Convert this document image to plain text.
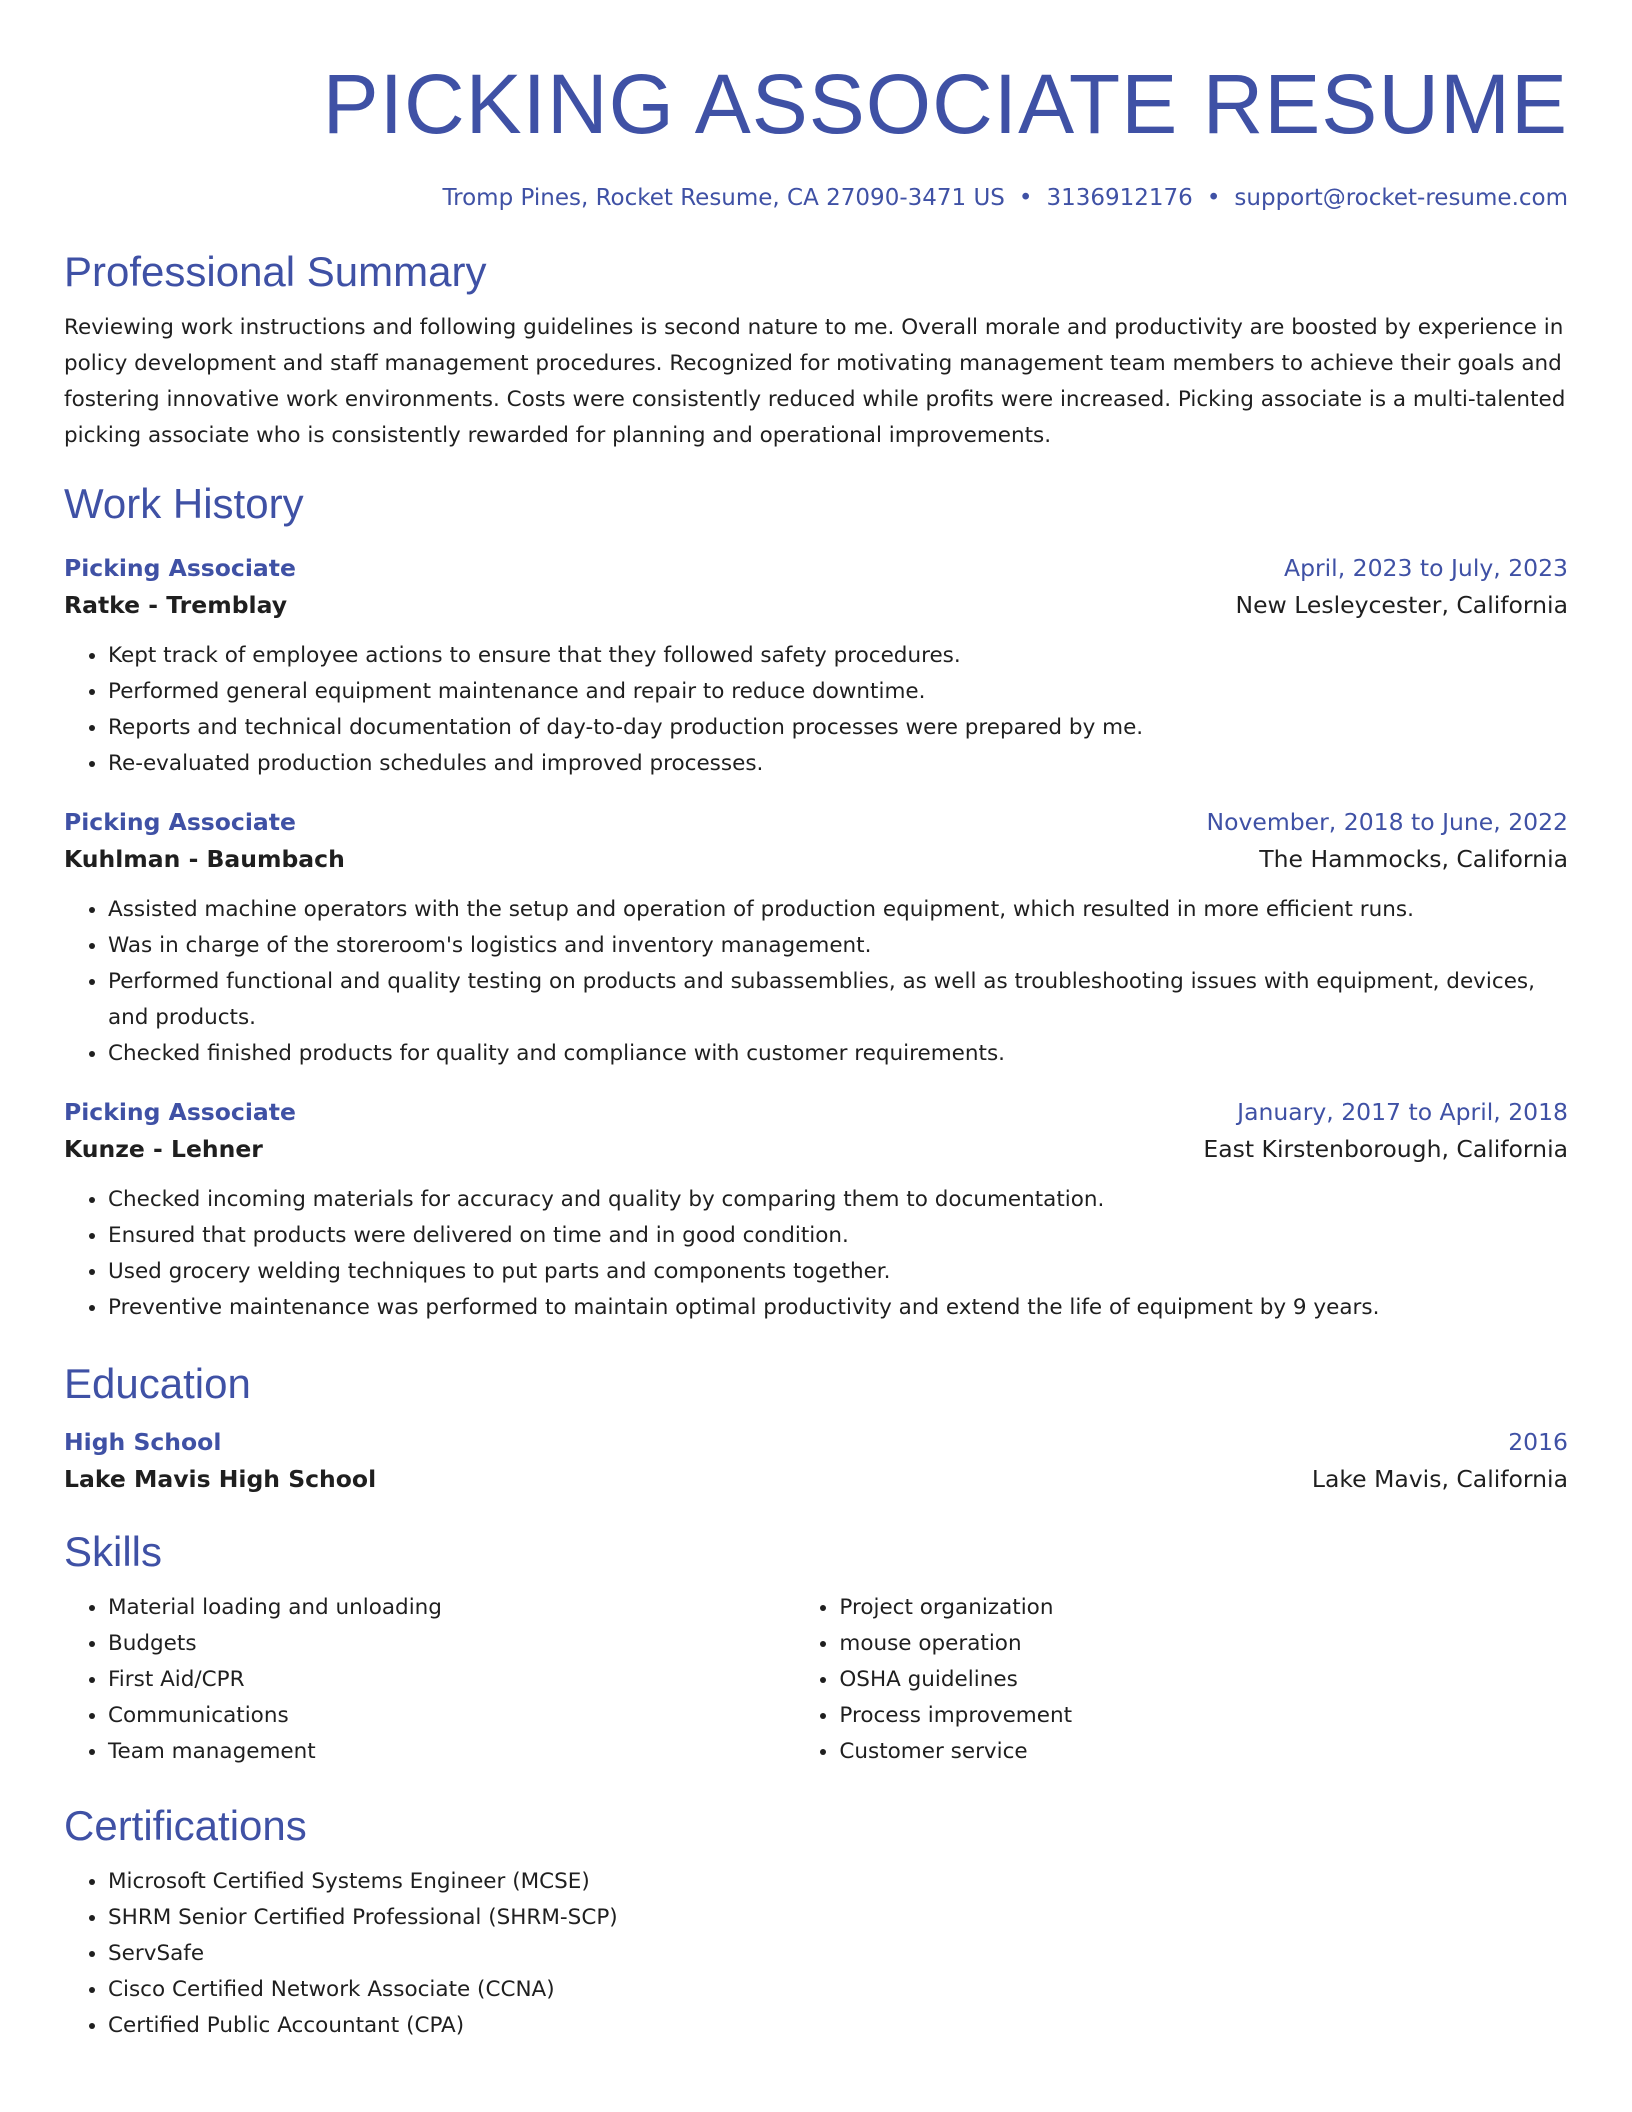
PICKING ASSOCIATE RESUME
Tromp Pines, Rocket Resume, CA 27090-3471 US • 3136912176 • support@rocket-resume.com
Professional Summary

Reviewing work instructions and following guidelines is second nature to me. Overall morale and productivity are boosted by experience in policy development and staff management procedures. Recognized for motivating management team members to achieve their goals and fostering innovative work environments. Costs were consistently reduced while profits were increased. Picking associate is a multi-talented picking associate who is consistently rewarded for planning and operational improvements.

Work History
Picking Associate	April, 2023 to July, 2023
Ratke - Tremblay	New Lesleycester, California
• Kept track of employee actions to ensure that they followed safety procedures.
• Performed general equipment maintenance and repair to reduce downtime.
• Reports and technical documentation of day-to-day production processes were prepared by me.
• Re-evaluated production schedules and improved processes.
Picking Associate	November, 2018 to June, 2022
Kuhlman - Baumbach	The Hammocks, California
• Assisted machine operators with the setup and operation of production equipment, which resulted in more efficient runs.
• Was in charge of the storeroom's logistics and inventory management.
• Performed functional and quality testing on products and subassemblies, as well as troubleshooting issues with equipment, devices, and products.
• Checked finished products for quality and compliance with customer requirements.
Picking Associate	January, 2017 to April, 2018
Kunze - Lehner	East Kirstenborough, California
• Checked incoming materials for accuracy and quality by comparing them to documentation.
• Ensured that products were delivered on time and in good condition.
• Used grocery welding techniques to put parts and components together.
• Preventive maintenance was performed to maintain optimal productivity and extend the life of equipment by 9 years.
Education
High School	2016
Lake Mavis High School	Lake Mavis, California
Skills
• Material loading and unloading
• Budgets
• First Aid/CPR
• Communications
• Team management
• Project organization
• mouse operation
• OSHA guidelines
• Process improvement
• Customer service
Certifications
• Microsoft Certified Systems Engineer (MCSE)
• SHRM Senior Certified Professional (SHRM-SCP)
• ServSafe
• Cisco Certified Network Associate (CCNA)
• Certified Public Accountant (CPA)
